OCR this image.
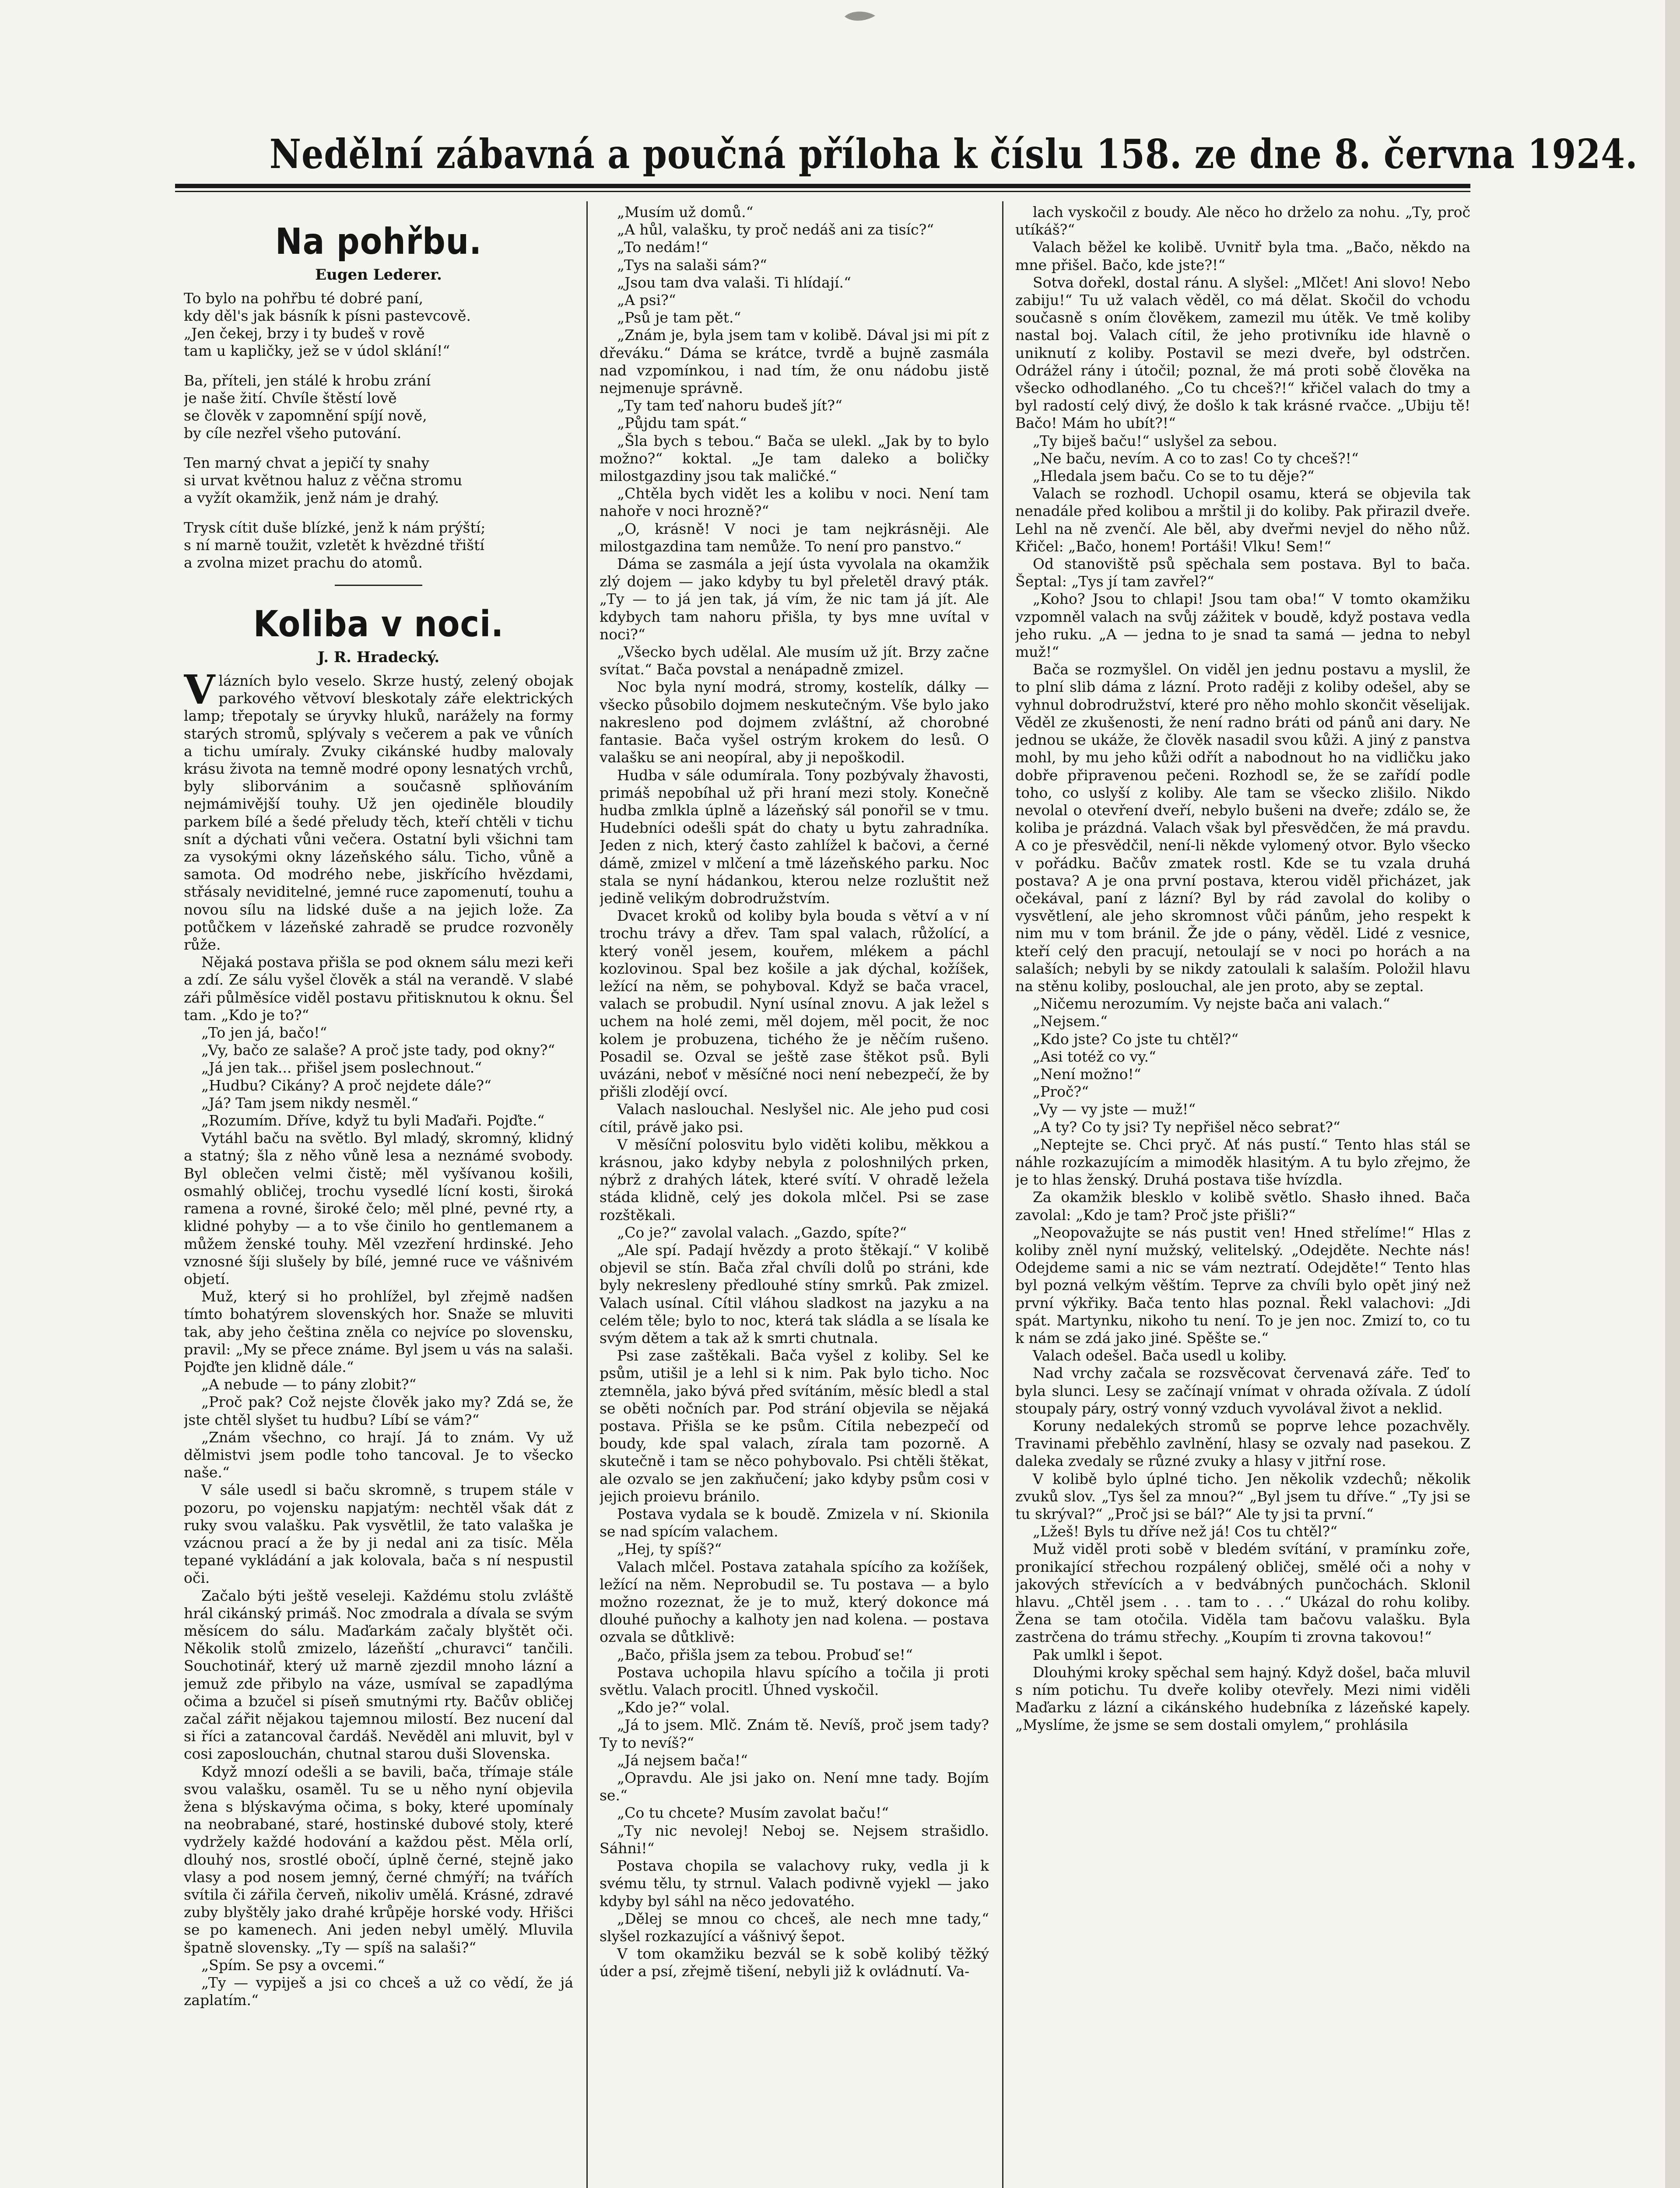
Nedělní zábavná a poučná příloha k číslu 158. ze dne 8. června 1924.
Na pohřbu.
Eugen Lederer.

To bylo na pohřbu té dobré paní,
kdy děl's jak básník k písni pastevcově.
„Jen čekej, brzy i ty budeš v rově
tam u kapličky, jež se v údol sklání!“

Ba, příteli, jen stálé k hrobu zrání
je naše žití. Chvíle štěstí lově
se člověk v zapomnění spíjí nově,
by cíle nezřel všeho putování.

Ten marný chvat a jepičí ty snahy
si urvat květnou haluz z věčna stromu
a vyžít okamžik, jenž nám je drahý.

Trysk cítit duše blízké, jenž k nám prýští;
s ní marně toužit, vzletět k hvězdné třiští
a zvolna mizet prachu do atomů.

Koliba v noci.
J. R. Hradecký.

Vlázních bylo veselo. Skrze hustý, zelený obojak parkového větvoví bleskotaly záře elektrických lamp; třepotaly se úryvky hluků, narážely na formy starých stromů, splývaly s večerem a pak ve vůních a tichu umíraly. Zvuky cikánské hudby malovaly krásu života na temně modré opony lesnatých vrchů, byly sliborvánim a současně splňováním nejmámivější touhy. Už jen ojediněle bloudily parkem bílé a šedé přeludy těch, kteří chtěli v tichu snít a dýchati vůni večera. Ostatní byli všichni tam za vysokými okny lázeňského sálu. Ticho, vůně a samota. Od modrého nebe, jiskřícího hvězdami, střásaly neviditelné, jemné ruce zapomenutí, touhu a novou sílu na lidské duše a na jejich lože. Za potůčkem v lázeňské zahradě se prudce rozvoněly růže.

Nějaká postava přišla se pod oknem sálu mezi keři a zdí. Ze sálu vyšel člověk a stál na verandě. V slabé záři půlměsíce viděl postavu přitisknutou k oknu. Šel tam. „Kdo je to?“

„To jen já, bačo!“

„Vy, bačo ze salaše? A proč jste tady, pod okny?“

„Já jen tak... přišel jsem poslechnout.“

„Hudbu? Cikány? A proč nejdete dále?“

„Já? Tam jsem nikdy nesměl.“

„Rozumím. Dříve, když tu byli Maďaři. Pojďte.“

Vytáhl baču na světlo. Byl mladý, skromný, klidný a statný; šla z něho vůně lesa a neznámé svobody. Byl oblečen velmi čistě; měl vyšívanou košili, osmahlý obličej, trochu vysedlé lícní kosti, široká ramena a rovné, široké čelo; měl plné, pevné rty, a klidné pohyby — a to vše činilo ho gentlemanem a můžem ženské touhy. Měl vzezření hrdinské. Jeho vznosné šíji slušely by bílé, jemné ruce ve vášnivém objetí.

Muž, který si ho prohlížel, byl zřejmě nadšen tímto bohatýrem slovenských hor. Snaže se mluviti tak, aby jeho čeština zněla co nejvíce po slovensku, pravil: „My se přece známe. Byl jsem u vás na salaši. Pojďte jen klidně dále.“

„A nebude — to pány zlobit?“

„Proč pak? Což nejste člověk jako my? Zdá se, že jste chtěl slyšet tu hudbu? Líbí se vám?“

„Znám všechno, co hrají. Já to znám. Vy už dělmistvi jsem podle toho tancoval. Je to všecko naše.“

V sále usedl si baču skromně, s trupem stále v pozoru, po vojensku napjatým: nechtěl však dát z ruky svou valašku. Pak vysvětlil, že tato valaška je vzácnou prací a že by ji nedal ani za tisíc. Měla tepané vykládání a jak kolovala, bača s ní nespustil oči.

Začalo býti ještě veseleji. Každému stolu zvláště hrál cikánský primáš. Noc zmodrala a dívala se svým měsícem do sálu. Maďarkám začaly blyštět oči. Několik stolů zmizelo, lázeňští „churavci“ tančili. Souchotinář, který už marně zjezdil mnoho lázní a jemuž zde přibylo na váze, usmíval se zapadlýma očima a bzučel si píseň smutnými rty. Bačův obličej začal zářit nějakou tajemnou milostí. Bez nucení dal si říci a zatancoval čardáš. Nevěděl ani mluvit, byl v cosi zaposlouchán, chutnal starou duši Slovenska.

Když mnozí odešli a se bavili, bača, třímaje stále svou valašku, osaměl. Tu se u něho nyní objevila žena s blýskavýma očima, s boky, které upomínaly na neobrabané, staré, hostinské dubové stoly, které vydržely každé hodování a každou pěst. Měla orlí, dlouhý nos, srostlé obočí, úplně černé, stejně jako vlasy a pod nosem jemný, černé chmýří; na tvářích svítila či zářila červeň, nikoliv umělá. Krásné, zdravé zuby blyštěly jako drahé krůpěje horské vody. Hřišci se po kamenech. Ani jeden nebyl umělý. Mluvila špatně slovensky. „Ty — spíš na salaši?“

„Spím. Se psy a ovcemi.“

„Ty — vypiješ a jsi co chceš a už co vědí, že já zaplatím.“

„Musím už domů.“

„A hůl, valašku, ty proč nedáš ani za tisíc?“

„To nedám!“

„Tys na salaši sám?“

„Jsou tam dva valaši. Ti hlídají.“

„A psi?“

„Psů je tam pět.“

„Znám je, byla jsem tam v kolibě. Dával jsi mi pít z dřeváku.“ Dáma se krátce, tvrdě a bujně zasmála nad vzpomínkou, i nad tím, že onu nádobu jistě nejmenuje správně.

„Ty tam teď nahoru budeš jít?“

„Půjdu tam spát.“

„Šla bych s tebou.“ Bača se ulekl. „Jak by to bylo možno?“ koktal. „Je tam daleko a boličky milostgazdiny jsou tak maličké.“

„Chtěla bych vidět les a kolibu v noci. Není tam nahoře v noci hrozně?“

„O, krásně! V noci je tam nejkrásněji. Ale milostgazdina tam nemůže. To není pro panstvo.“

Dáma se zasmála a její ústa vyvolala na okamžik zlý dojem — jako kdyby tu byl přeletěl dravý pták. „Ty — to já jen tak, já vím, že nic tam já jít. Ale kdybych tam nahoru přišla, ty bys mne uvítal v noci?“

„Všecko bych udělal. Ale musím už jít. Brzy začne svítat.“ Bača povstal a nenápadně zmizel.

Noc byla nyní modrá, stromy, kostelík, dálky — všecko působilo dojmem neskutečným. Vše bylo jako nakresleno pod dojmem zvláštní, až chorobné fantasie. Bača vyšel ostrým krokem do lesů. O valašku se ani neopíral, aby ji nepoškodil.

Hudba v sále odumírala. Tony pozbývaly žhavosti, primáš nepobíhal už při hraní mezi stoly. Konečně hudba zmlkla úplně a lázeňský sál ponořil se v tmu. Hudebníci odešli spát do chaty u bytu zahradníka. Jeden z nich, který často zahlížel k bačovi, a černé dámě, zmizel v mlčení a tmě lázeňského parku. Noc stala se nyní hádankou, kterou nelze rozluštit než jedině velikým dobrodružstvím.

Dvacet kroků od koliby byla bouda s větví a v ní trochu trávy a dřev. Tam spal valach, růžolící, a který voněl jesem, kouřem, mlékem a páchl kozlovinou. Spal bez košile a jak dýchal, kožíšek, ležící na něm, se pohyboval. Když se bača vracel, valach se probudil. Nyní usínal znovu. A jak ležel s uchem na holé zemi, měl dojem, měl pocit, že noc kolem je probuzena, tichého že je něčím rušeno. Posadil se. Ozval se ještě zase štěkot psů. Byli uvázáni, neboť v měsíčné noci není nebezpečí, že by přišli zlodějí ovcí.

Valach naslouchal. Neslyšel nic. Ale jeho pud cosi cítil, právě jako psi.

V měsíční polosvitu bylo viděti kolibu, měkkou a krásnou, jako kdyby nebyla z poloshnilých prken, nýbrž z drahých látek, které svítí. V ohradě ležela stáda klidně, celý jes dokola mlčel. Psi se zase rozštěkali.

„Co je?“ zavolal valach. „Gazdo, spíte?“

„Ale spí. Padají hvězdy a proto štěkají.“ V kolibě objevil se stín. Bača zřal chvíli dolů po stráni, kde byly nekresleny předlouhé stíny smrků. Pak zmizel. Valach usínal. Cítil vláhou sladkost na jazyku a na celém těle; bylo to noc, která tak sládla a se lísala ke svým dětem a tak až k smrti chutnala.

Psi zase zaštěkali. Bača vyšel z koliby. Sel ke psům, utišil je a lehl si k nim. Pak bylo ticho. Noc ztemněla, jako bývá před svítáním, měsíc bledl a stal se oběti nočních par. Pod strání objevila se nějaká postava. Přišla se ke psům. Cítila nebezpečí od boudy, kde spal valach, zírala tam pozorně. A skutečně i tam se něco pohybovalo. Psi chtěli štěkat, ale ozvalo se jen zakňučení; jako kdyby psům cosi v jejich proievu bránilo.

Postava vydala se k boudě. Zmizela v ní. Skionila se nad spícím valachem.

„Hej, ty spíš?“

Valach mlčel. Postava zatahala spícího za kožíšek, ležící na něm. Neprobudil se. Tu postava — a bylo možno rozeznat, že je to muž, který dokonce má dlouhé puňochy a kalhoty jen nad kolena. — postava ozvala se důtklivě:

„Bačo, přišla jsem za tebou. Probuď se!“

Postava uchopila hlavu spícího a točila ji proti světlu. Valach procitl. Úhned vyskočil.

„Kdo je?“ volal.

„Já to jsem. Mlč. Znám tě. Nevíš, proč jsem tady? Ty to nevíš?“

„Já nejsem bača!“

„Opravdu. Ale jsi jako on. Není mne tady. Bojím se.“

„Co tu chcete? Musím zavolat baču!“

„Ty nic nevolej! Neboj se. Nejsem strašidlo. Sáhni!“

Postava chopila se valachovy ruky, vedla ji k svému tělu, ty strnul. Valach podivně vyjekl — jako kdyby byl sáhl na něco jedovatého.

„Dělej se mnou co chceš, ale nech mne tady,“ slyšel rozkazující a vášnivý šepot.

V tom okamžiku bezvál se k sobě kolibý těžký úder a psí, zřejmě tišení, nebyli již k ovládnutí. Va-

lach vyskočil z boudy. Ale něco ho drželo za nohu. „Ty, proč utíkáš?“

Valach běžel ke kolibě. Uvnitř byla tma. „Bačo, někdo na mne přišel. Bačo, kde jste?!“

Sotva dořekl, dostal ránu. A slyšel: „Mlčet! Ani slovo! Nebo zabiju!“ Tu už valach věděl, co má dělat. Skočil do vchodu současně s oním člověkem, zamezil mu útěk. Ve tmě koliby nastal boj. Valach cítil, že jeho protivníku ide hlavně o uniknutí z koliby. Postavil se mezi dveře, byl odstrčen. Odrážel rány i útočil; poznal, že má proti sobě člověka na všecko odhodlaného. „Co tu chceš?!“ křičel valach do tmy a byl radostí celý divý, že došlo k tak krásné rvačce. „Ubiju tě! Bačo! Mám ho ubít?!“

„Ty biješ baču!“ uslyšel za sebou.

„Ne baču, nevím. A co to zas! Co ty chceš?!“

„Hledala jsem baču. Co se to tu děje?“

Valach se rozhodl. Uchopil osamu, která se objevila tak nenadále před kolibou a mrštil ji do koliby. Pak přirazil dveře. Lehl na ně zvenčí. Ale běl, aby dveřmi nevjel do něho nůž. Křičel: „Bačo, honem! Portáši! Vlku! Sem!“

Od stanoviště psů spěchala sem postava. Byl to bača. Šeptal: „Tys jí tam zavřel?“

„Koho? Jsou to chlapi! Jsou tam oba!“ V tomto okamžiku vzpomněl valach na svůj zážitek v boudě, když postava vedla jeho ruku. „A — jedna to je snad ta samá — jedna to nebyl muž!“

Bača se rozmyšlel. On viděl jen jednu postavu a myslil, že to plní slib dáma z lázní. Proto raději z koliby odešel, aby se vyhnul dobrodružství, které pro něho mohlo skončit věselijak. Věděl ze zkušenosti, že není radno bráti od pánů ani dary. Ne jednou se ukáže, že člověk nasadil svou kůži. A jiný z panstva mohl, by mu jeho kůži odřít a nabodnout ho na vidličku jako dobře připravenou pečeni. Rozhodl se, že se zařídí podle toho, co uslyší z koliby. Ale tam se všecko zlišilo. Nikdo nevolal o otevření dveří, nebylo bušeni na dveře; zdálo se, že koliba je prázdná. Valach však byl přesvědčen, že má pravdu. A co je přesvědčil, není-li někde vylomený otvor. Bylo všecko v pořádku. Bačův zmatek rostl. Kde se tu vzala druhá postava? A je ona první postava, kterou viděl přicházet, jak očekával, paní z lázní? Byl by rád zavolal do koliby o vysvětlení, ale jeho skromnost vůči pánům, jeho respekt k nim mu v tom bránil. Že jde o pány, věděl. Lidé z vesnice, kteří celý den pracují, netoulají se v noci po horách a na salaších; nebyli by se nikdy zatoulali k salaším. Položil hlavu na stěnu koliby, poslouchal, ale jen proto, aby se zeptal.

„Ničemu nerozumím. Vy nejste bača ani valach.“

„Nejsem.“

„Kdo jste? Co jste tu chtěl?“

„Asi totéž co vy.“

„Není možno!“

„Proč?“

„Vy — vy jste — muž!“

„A ty? Co ty jsi? Ty nepřišel něco sebrat?“

„Neptejte se. Chci pryč. Ať nás pustí.“ Tento hlas stál se náhle rozkazujícím a mimoděk hlasitým. A tu bylo zřejmo, že je to hlas ženský. Druhá postava tiše hvízdla.

Za okamžik blesklo v kolibě světlo. Shasło ihned. Bača zavolal: „Kdo je tam? Proč jste přišli?“

„Neopovažujte se nás pustit ven! Hned střelíme!“ Hlas z koliby zněl nyní mužský, velitelský. „Odejděte. Nechte nás! Odejdeme sami a nic se vám neztratí. Odejděte!“ Tento hlas byl pozná velkým věštím. Teprve za chvíli bylo opět jiný než první výkřiky. Bača tento hlas poznal. Řekl valachovi: „Jdi spát. Martynku, nikoho tu není. To je jen noc. Zmizí to, co tu k nám se zdá jako jiné. Spěšte se.“

Valach odešel. Bača usedl u koliby.

Nad vrchy začala se rozsvěcovat červenavá záře. Teď to byla slunci. Lesy se začínají vnímat v ohrada ožívala. Z údolí stoupaly páry, ostrý vonný vzduch vyvolával život a neklid.

Koruny nedalekých stromů se poprve lehce pozachvěly. Travinami přeběhlo zavlnění, hlasy se ozvaly nad pasekou. Z daleka zvedaly se různé zvuky a hlasy v jitřní rose.

V kolibě bylo úplné ticho. Jen několik vzdechů; několik zvuků slov. „Tys šel za mnou?“ „Byl jsem tu dříve.“ „Ty jsi se tu skrýval?“ „Proč jsi se bál?“ Ale ty jsi ta první.“

„Lžeš! Byls tu dříve než já! Cos tu chtěl?“

Muž viděl proti sobě v bledém svítání, v pramínku zoře, pronikající střechou rozpálený obličej, smělé oči a nohy v jakových střevících a v bedvábných punčochách. Sklonil hlavu. „Chtěl jsem . . . tam to . . .“ Ukázal do rohu koliby. Žena se tam otočila. Viděla tam bačovu valašku. Byla zastrčena do trámu střechy. „Koupím ti zrovna takovou!“

Pak umlkl i šepot.

Dlouhými kroky spěchal sem hajný. Když došel, bača mluvil s ním potichu. Tu dveře koliby otevřely. Mezi nimi viděli Maďarku z lázní a cikánského hudebníka z lázeňské kapely. „Myslíme, že jsme se sem dostali omylem,“ prohlásila
